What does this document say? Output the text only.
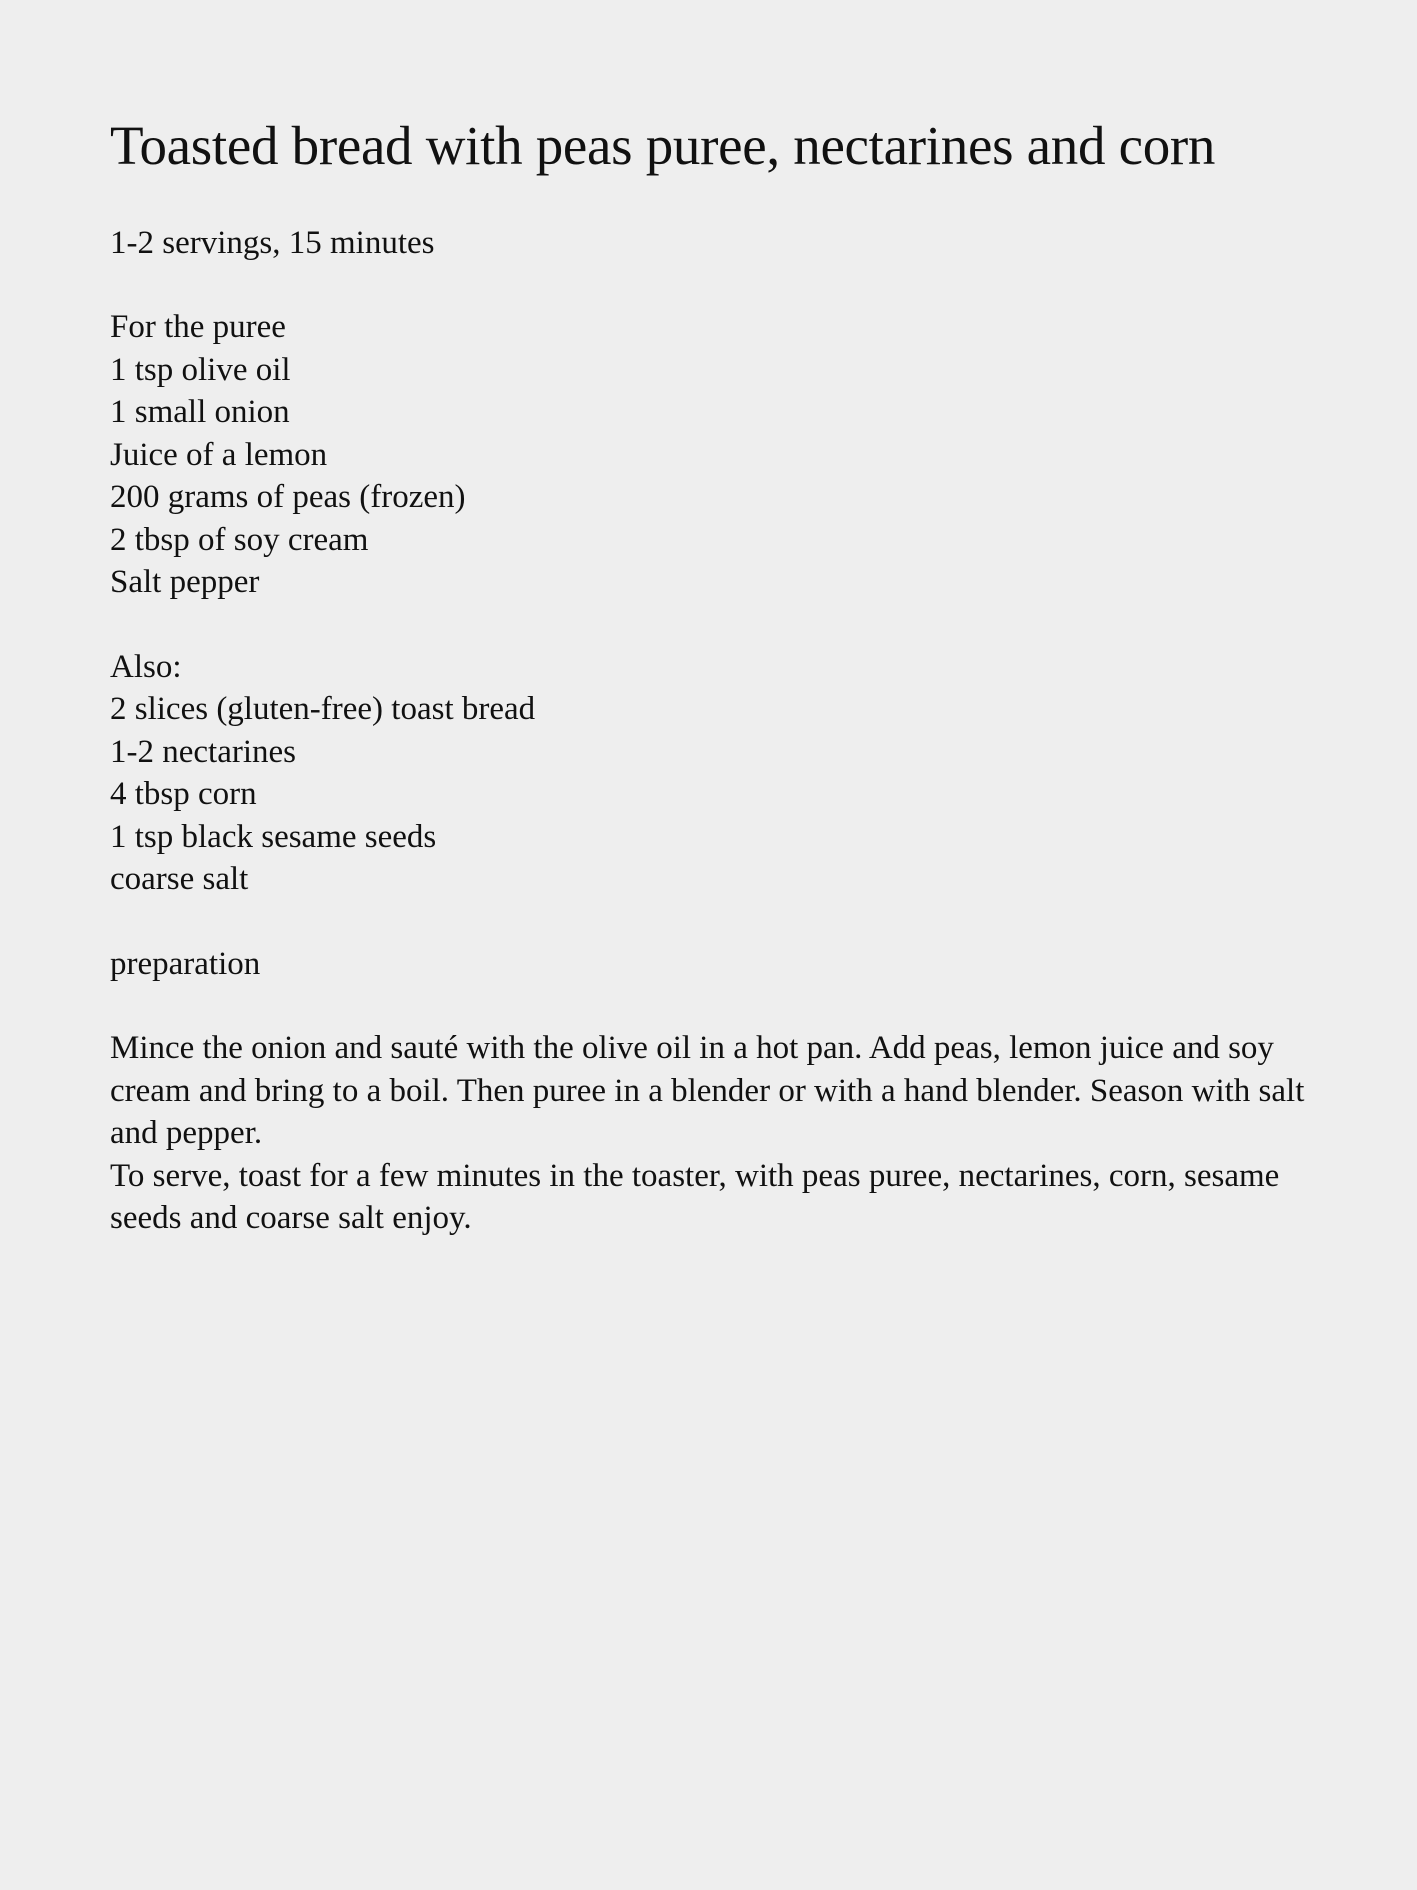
Toasted bread with peas puree, nectarines and corn
1-2 servings, 15 minutes
For the puree
1 tsp olive oil
1 small onion
Juice of a lemon
200 grams of peas (frozen)
2 tbsp of soy cream
Salt pepper
Also:
2 slices (gluten-free) toast bread
1-2 nectarines
4 tbsp corn
1 tsp black sesame seeds
coarse salt
preparation

Mince the onion and sauté with the olive oil in a hot pan. Add peas, lemon juice and soy cream and bring to a boil. Then puree in a blender or with a hand blender. Season with salt and pepper.

To serve, toast for a few minutes in the toaster, with peas puree, nectarines, corn, sesame seeds and coarse salt enjoy.
